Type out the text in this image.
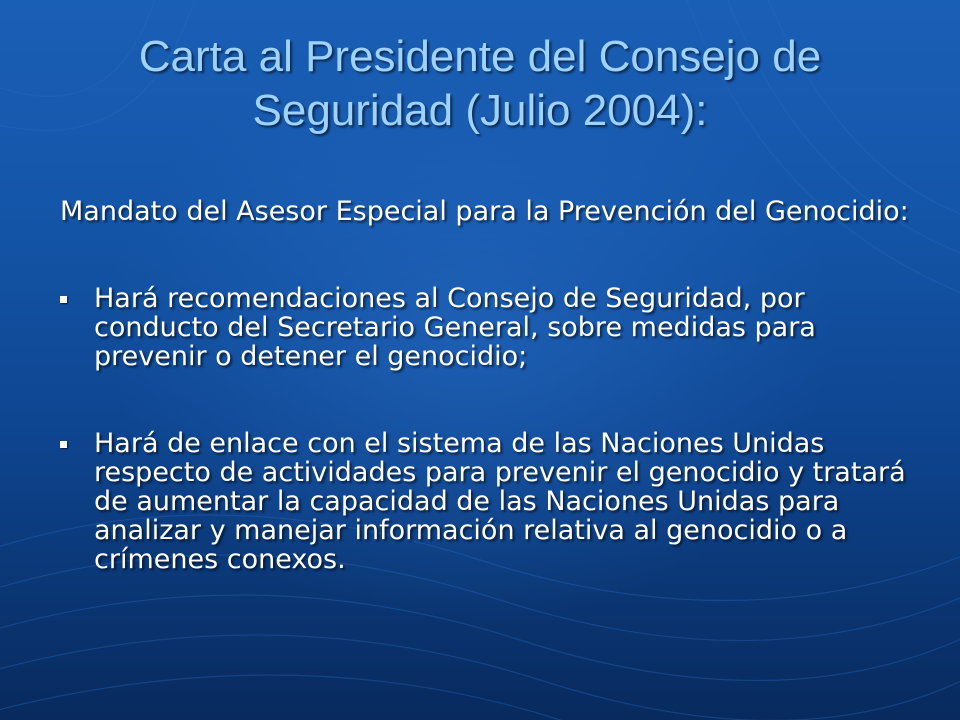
Carta al Presidente del Consejo de Seguridad (Julio 2004):

Mandato del Asesor Especial para la Prevención del Genocidio:

Hará recomendaciones al Consejo de Seguridad, por conducto del Secretario General, sobre medidas para prevenir o detener el genocidio;
Hará de enlace con el sistema de las Naciones Unidas respecto de actividades para prevenir el genocidio y tratará de aumentar la capacidad de las Naciones Unidas para analizar y manejar información relativa al genocidio o a crímenes conexos.
